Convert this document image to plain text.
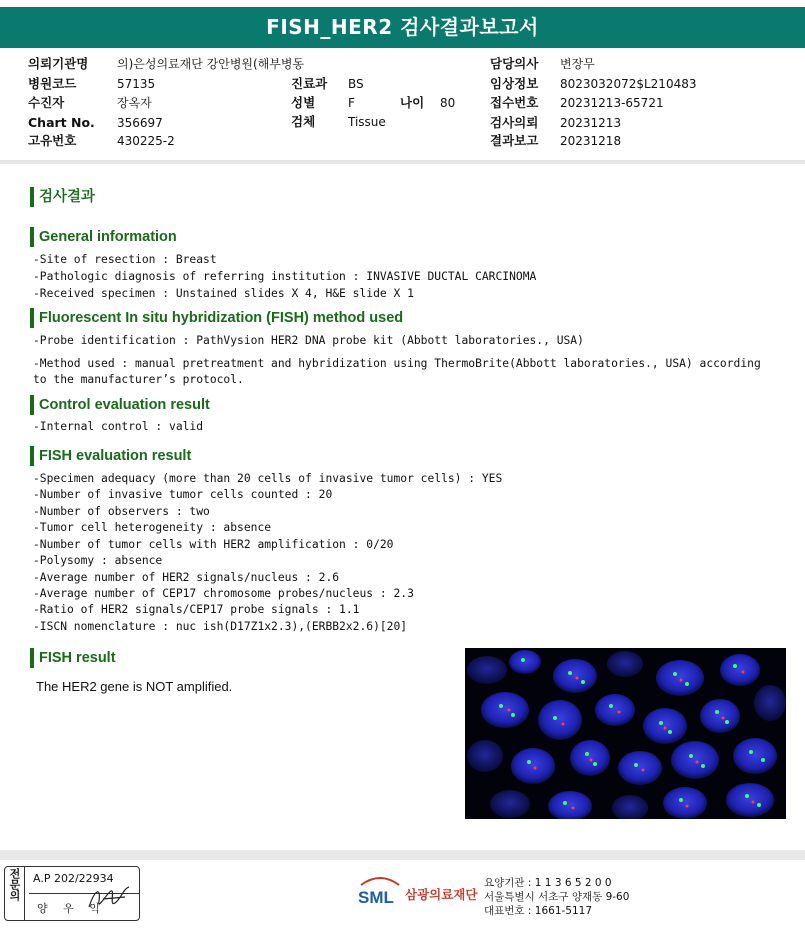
FISH_HER2 검사결과보고서
의뢰기관명 의)은성의료재단 강안병원(해부병동
병원코드	57135	진료과 BS
수진자	장옥자	성별	F	나이 80
Chart No. 356697	검체	Tissue
고유번호	430225-2
담당의사 변장무
임상정보 8023032072$L210483
접수번호 20231213-65721
검사의뢰 20231213
결과보고 20231218
검사결과
General information
-Site of resection : Breast
-Pathologic diagnosis of referring institution : INVASIVE DUCTAL CARCINOMA
-Received specimen : Unstained slides X 4, H&E slide X 1
Fluorescent In situ hybridization (FISH) method used
-Probe identification : PathVysion HER2 DNA probe kit (Abbott laboratories., USA)
-Method used : manual pretreatment and hybridization using ThermoBrite(Abbott laboratories., USA) according to the manufacturer’s protocol.
Control evaluation result
-Internal control : valid
FISH evaluation result
-Specimen adequacy (more than 20 cells of invasive tumor cells) : YES
-Number of invasive tumor cells counted : 20
-Number of observers : two
-Tumor cell heterogeneity : absence
-Number of tumor cells with HER2 amplification : 0/20
-Polysomy : absence
-Average number of HER2 signals/nucleus : 2.6
-Average number of CEP17 chromosome probes/nucleus : 2.3
-Ratio of HER2 signals/CEP17 probe signals : 1.1
-ISCN nomenclature : nuc ish(D17Z1x2.3),(ERBB2x2.6)[20]
FISH result
The HER2 gene is NOT amplified.
전문의	A.P 202/22934
양 우 익
SML 삼광의료재단
요양기관 : 1 1 3 6 5 2 0 0
서울특별시 서초구 양재동 9-60
대표번호 : 1661-5117
